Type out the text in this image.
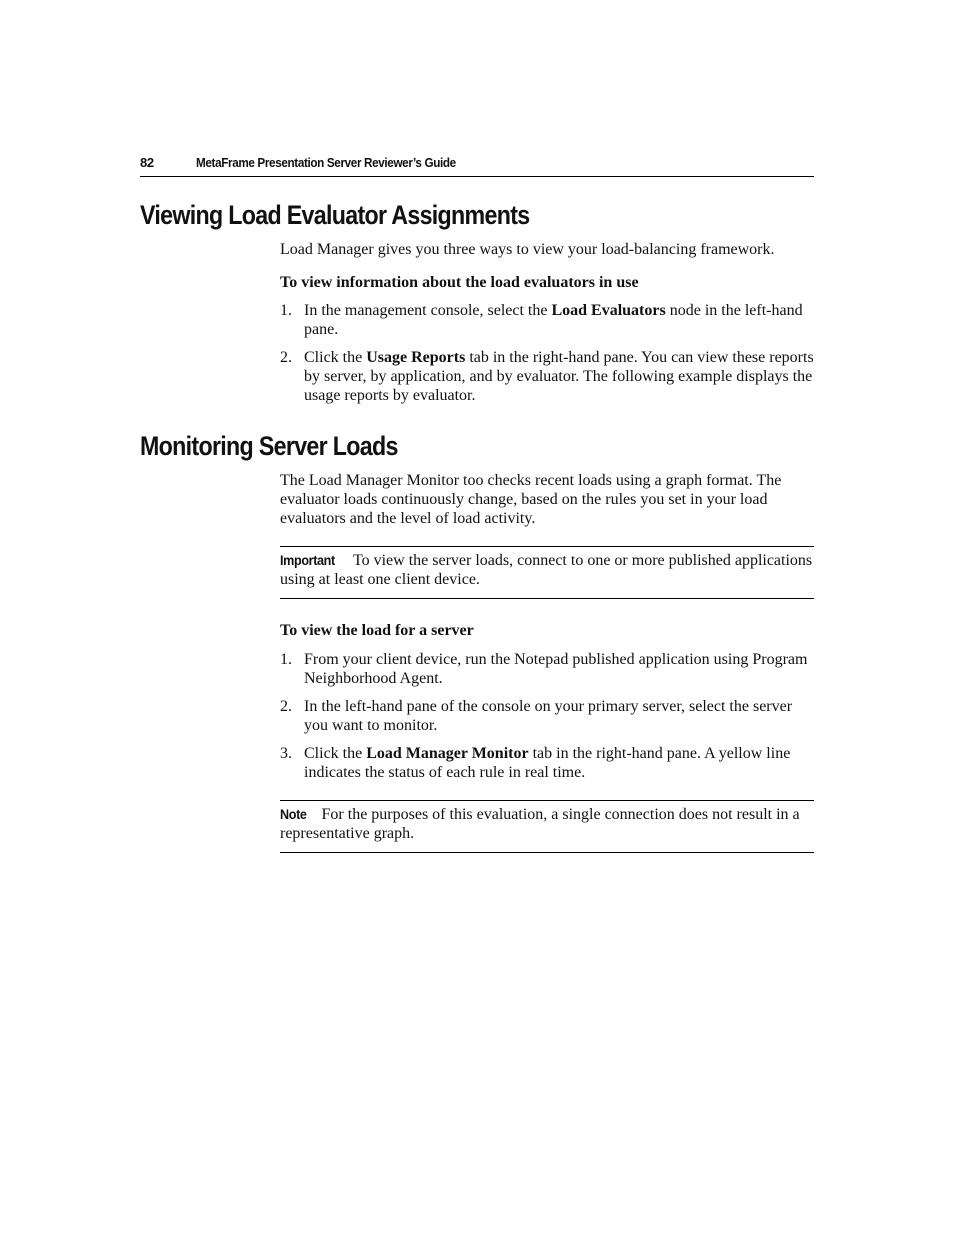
82	MetaFrame Presentation Server Reviewer’s Guide
Viewing Load Evaluator Assignments

Load Manager gives you three ways to view your load-balancing framework.

To view information about the load evaluators in use

1. In the management console, select the Load Evaluators node in the left-hand pane.
2. Click the Usage Reports tab in the right-hand pane. You can view these reports by server, by application, and by evaluator. The following example displays the usage reports by evaluator.
Monitoring Server Loads

The Load Manager Monitor too checks recent loads using a graph format. The evaluator loads continuously change, based on the rules you set in your load evaluators and the level of load activity.

Important To view the server loads, connect to one or more published applications using at least one client device.

To view the load for a server

1. From your client device, run the Notepad published application using Program Neighborhood Agent.
2. In the left-hand pane of the console on your primary server, select the server you want to monitor.
3. Click the Load Manager Monitor tab in the right-hand pane. A yellow line indicates the status of each rule in real time.
Note For the purposes of this evaluation, a single connection does not result in a representative graph.
